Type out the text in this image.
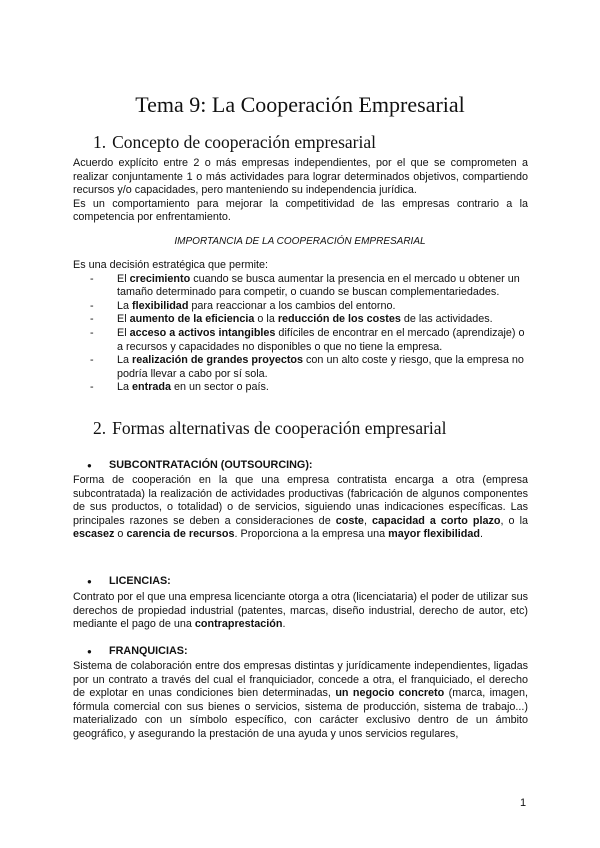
Tema 9: La Cooperación Empresarial
1. Concepto de cooperación empresarial

Acuerdo explícito entre 2 o más empresas independientes, por el que se comprometen a realizar conjuntamente 1 o más actividades para lograr determinados objetivos, compartiendo recursos y/o capacidades, pero manteniendo su independencia jurídica.

Es un comportamiento para mejorar la competitividad de las empresas contrario a la competencia por enfrentamiento.

IMPORTANCIA DE LA COOPERACIÓN EMPRESARIAL

Es una decisión estratégica que permite:

- El crecimiento cuando se busca aumentar la presencia en el mercado u obtener un tamaño determinado para competir, o cuando se buscan complementariedades.
- La flexibilidad para reaccionar a los cambios del entorno.
- El aumento de la eficiencia o la reducción de los costes de las actividades.
- El acceso a activos intangibles difíciles de encontrar en el mercado (aprendizaje) o a recursos y capacidades no disponibles o que no tiene la empresa.
- La realización de grandes proyectos con un alto coste y riesgo, que la empresa no podría llevar a cabo por sí sola.
- La entrada en un sector o país.
2. Formas alternativas de cooperación empresarial

● SUBCONTRATACIÓN (OUTSOURCING):

Forma de cooperación en la que una empresa contratista encarga a otra (empresa subcontratada) la realización de actividades productivas (fabricación de algunos componentes de sus productos, o totalidad) o de servicios, siguiendo unas indicaciones específicas. Las principales razones se deben a consideraciones de coste, capacidad a corto plazo, o la escasez o carencia de recursos. Proporciona a la empresa una mayor flexibilidad.

● LICENCIAS:

Contrato por el que una empresa licenciante otorga a otra (licenciataria) el poder de utilizar sus derechos de propiedad industrial (patentes, marcas, diseño industrial, derecho de autor, etc) mediante el pago de una contraprestación.

● FRANQUICIAS:

Sistema de colaboración entre dos empresas distintas y jurídicamente independientes, ligadas por un contrato a través del cual el franquiciador, concede a otra, el franquiciado, el derecho de explotar en unas condiciones bien determinadas, un negocio concreto (marca, imagen, fórmula comercial con sus bienes o servicios, sistema de producción, sistema de trabajo...) materializado con un símbolo específico, con carácter exclusivo dentro de un ámbito geográfico, y asegurando la prestación de una ayuda y unos servicios regulares,

1
